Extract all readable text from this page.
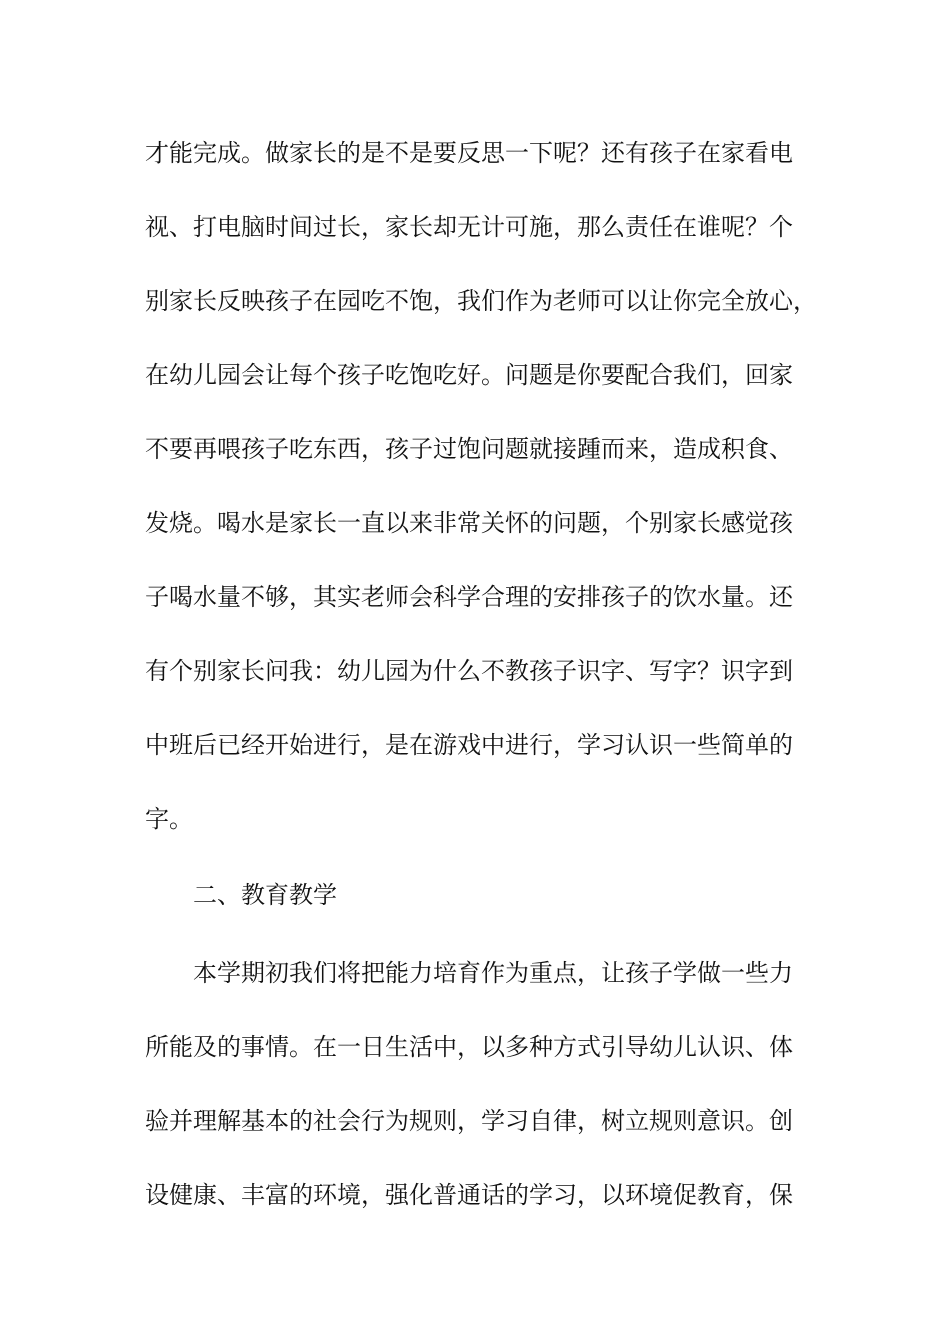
才能完成。做家长的是不是要反思一下呢？还有孩子在家看电
视、打电脑时间过长，家长却无计可施，那么责任在谁呢？个
别家长反映孩子在园吃不饱，我们作为老师可以让你完全放心，
在幼儿园会让每个孩子吃饱吃好。问题是你要配合我们，回家
不要再喂孩子吃东西，孩子过饱问题就接踵而来，造成积食、
发烧。喝水是家长一直以来非常关怀的问题，个别家长感觉孩
子喝水量不够，其实老师会科学合理的安排孩子的饮水量。还
有个别家长问我：幼儿园为什么不教孩子识字、写字？识字到
中班后已经开始进行，是在游戏中进行，学习认识一些简单的
字。
二、教育教学
本学期初我们将把能力培育作为重点，让孩子学做一些力
所能及的事情。在一日生活中，以多种方式引导幼儿认识、体
验并理解基本的社会行为规则，学习自律，树立规则意识。创
设健康、丰富的环境，强化普通话的学习，以环境促教育，保
